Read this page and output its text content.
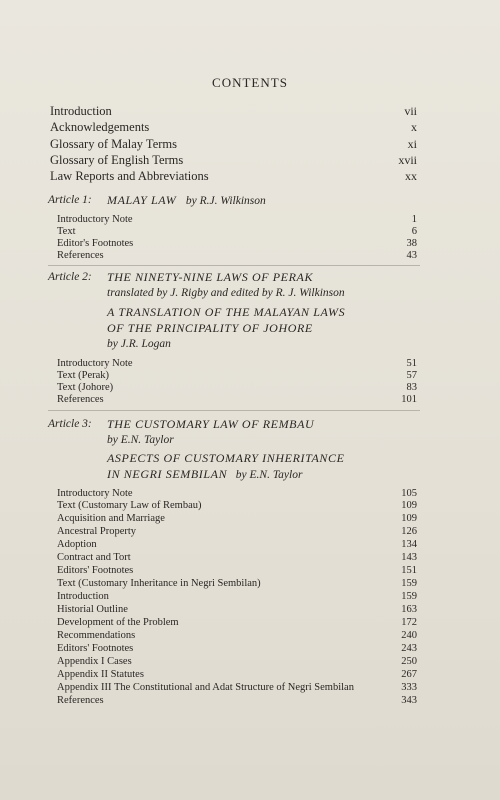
CONTENTS
Introduction	vii
Acknowledgements	x
Glossary of Malay Terms	xi
Glossary of English Terms	xvii
Law Reports and Abbreviations	xx
Article 1:	MALAY LAW by R.J. Wilkinson
Introductory Note	1
Text	6
Editor's Footnotes	38
References	43
Article 2:	THE NINETY-NINE LAWS OF PERAK
translated by J. Rigby and edited by R. J. Wilkinson
A TRANSLATION OF THE MALAYAN LAWS
OF THE PRINCIPALITY OF JOHORE
by J.R. Logan
Introductory Note	51
Text (Perak)	57
Text (Johore)	83
References	101
Article 3:	THE CUSTOMARY LAW OF REMBAU
by E.N. Taylor
ASPECTS OF CUSTOMARY INHERITANCE
IN NEGRI SEMBILAN by E.N. Taylor
Introductory Note	105
Text (Customary Law of Rembau)	109
Acquisition and Marriage	109
Ancestral Property	126
Adoption	134
Contract and Tort	143
Editors' Footnotes	151
Text (Customary Inheritance in Negri Sembilan)	159
Introduction	159
Historial Outline	163
Development of the Problem	172
Recommendations	240
Editors' Footnotes	243
Appendix I Cases	250
Appendix II Statutes	267
Appendix III The Constitutional and Adat Structure of Negri Sembilan	333
References	343
